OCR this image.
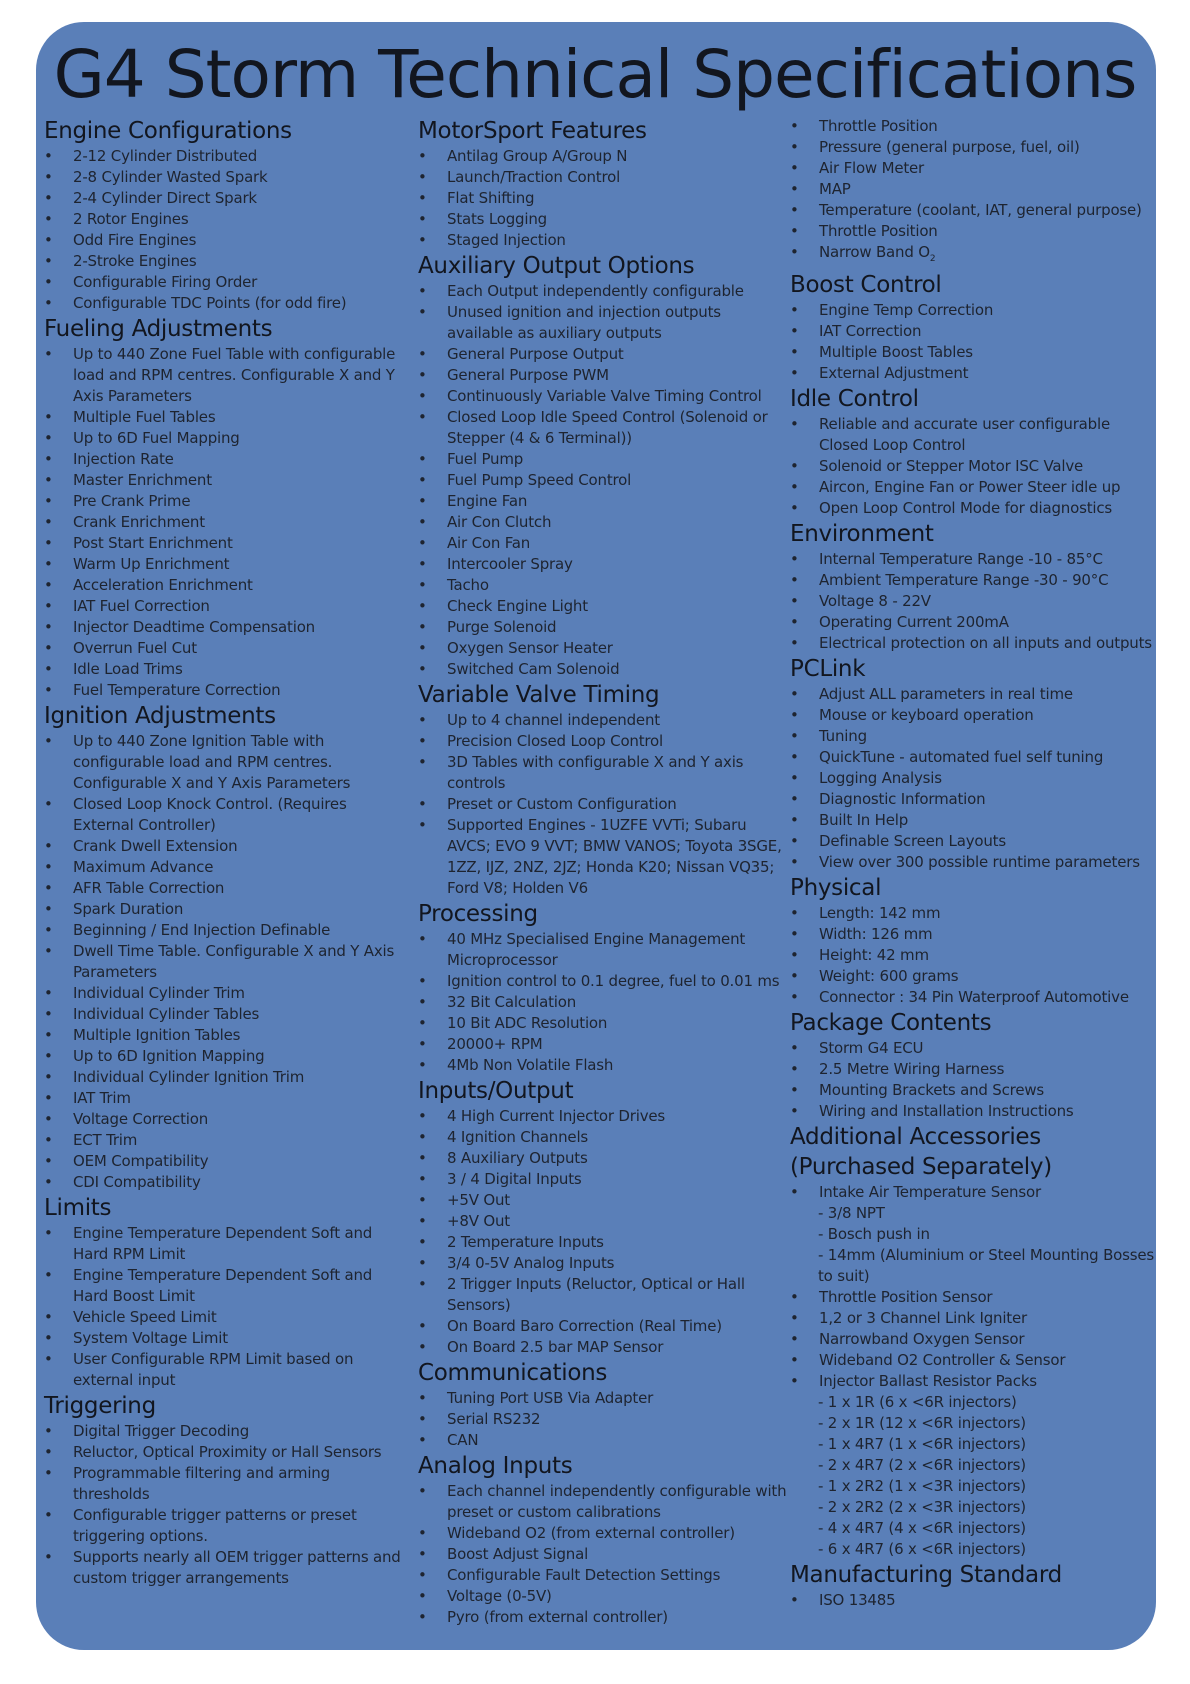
G4 Storm Technical Specifications
Engine Configurations
• 2-12 Cylinder Distributed
• 2-8 Cylinder Wasted Spark
• 2-4 Cylinder Direct Spark
• 2 Rotor Engines
• Odd Fire Engines
• 2-Stroke Engines
• Configurable Firing Order
• Configurable TDC Points (for odd fire)
Fueling Adjustments
• Up to 440 Zone Fuel Table with configurable load and RPM centres. Configurable X and Y Axis Parameters
• Multiple Fuel Tables
• Up to 6D Fuel Mapping
• Injection Rate
• Master Enrichment
• Pre Crank Prime
• Crank Enrichment
• Post Start Enrichment
• Warm Up Enrichment
• Acceleration Enrichment
• IAT Fuel Correction
• Injector Deadtime Compensation
• Overrun Fuel Cut
• Idle Load Trims
• Fuel Temperature Correction
Ignition Adjustments
• Up to 440 Zone Ignition Table with configurable load and RPM centres. Configurable X and Y Axis Parameters
• Closed Loop Knock Control. (Requires External Controller)
• Crank Dwell Extension
• Maximum Advance
• AFR Table Correction
• Spark Duration
• Beginning / End Injection Definable
• Dwell Time Table. Configurable X and Y Axis Parameters
• Individual Cylinder Trim
• Individual Cylinder Tables
• Multiple Ignition Tables
• Up to 6D Ignition Mapping
• Individual Cylinder Ignition Trim
• IAT Trim
• Voltage Correction
• ECT Trim
• OEM Compatibility
• CDI Compatibility
Limits
• Engine Temperature Dependent Soft and Hard RPM Limit
• Engine Temperature Dependent Soft and Hard Boost Limit
• Vehicle Speed Limit
• System Voltage Limit
• User Configurable RPM Limit based on external input
Triggering
• Digital Trigger Decoding
• Reluctor, Optical Proximity or Hall Sensors
• Programmable filtering and arming thresholds
• Configurable trigger patterns or preset triggering options.
• Supports nearly all OEM trigger patterns and custom trigger arrangements
MotorSport Features
• Antilag Group A/Group N
• Launch/Traction Control
• Flat Shifting
• Stats Logging
• Staged Injection
Auxiliary Output Options
• Each Output independently configurable
• Unused ignition and injection outputs available as auxiliary outputs
• General Purpose Output
• General Purpose PWM
• Continuously Variable Valve Timing Control
• Closed Loop Idle Speed Control (Solenoid or Stepper (4 & 6 Terminal))
• Fuel Pump
• Fuel Pump Speed Control
• Engine Fan
• Air Con Clutch
• Air Con Fan
• Intercooler Spray
• Tacho
• Check Engine Light
• Purge Solenoid
• Oxygen Sensor Heater
• Switched Cam Solenoid
Variable Valve Timing
• Up to 4 channel independent
• Precision Closed Loop Control
• 3D Tables with configurable X and Y axis controls
• Preset or Custom Configuration
• Supported Engines - 1UZFE VVTi; Subaru AVCS; EVO 9 VVT; BMW VANOS; Toyota 3SGE, 1ZZ, IJZ, 2NZ, 2JZ; Honda K20; Nissan VQ35; Ford V8; Holden V6
Processing
• 40 MHz Specialised Engine Management Microprocessor
• Ignition control to 0.1 degree, fuel to 0.01 ms
• 32 Bit Calculation
• 10 Bit ADC Resolution
• 20000+ RPM
• 4Mb Non Volatile Flash
Inputs/Output
• 4 High Current Injector Drives
• 4 Ignition Channels
• 8 Auxiliary Outputs
• 3 / 4 Digital Inputs
• +5V Out
• +8V Out
• 2 Temperature Inputs
• 3/4 0-5V Analog Inputs
• 2 Trigger Inputs (Reluctor, Optical or Hall Sensors)
• On Board Baro Correction (Real Time)
• On Board 2.5 bar MAP Sensor
Communications
• Tuning Port USB Via Adapter
• Serial RS232
• CAN
Analog Inputs
• Each channel independently configurable with preset or custom calibrations
• Wideband O2 (from external controller)
• Boost Adjust Signal
• Configurable Fault Detection Settings
• Voltage (0-5V)
• Pyro (from external controller)
• Throttle Position
• Pressure (general purpose, fuel, oil)
• Air Flow Meter
• MAP
• Temperature (coolant, IAT, general purpose)
• Throttle Position
• Narrow Band $O_2$
Boost Control
• Engine Temp Correction
• IAT Correction
• Multiple Boost Tables
• External Adjustment
Idle Control
• Reliable and accurate user configurable Closed Loop Control
• Solenoid or Stepper Motor ISC Valve
• Aircon, Engine Fan or Power Steer idle up
• Open Loop Control Mode for diagnostics
Environment
• Internal Temperature Range -10 - 85°C
• Ambient Temperature Range -30 - 90°C
• Voltage 8 - 22V
• Operating Current 200mA
• Electrical protection on all inputs and outputs
PCLink
• Adjust ALL parameters in real time
• Mouse or keyboard operation
• Tuning
• QuickTune - automated fuel self tuning
• Logging Analysis
• Diagnostic Information
• Built In Help
• Definable Screen Layouts
• View over 300 possible runtime parameters
Physical
• Length: 142 mm
• Width: 126 mm
• Height: 42 mm
• Weight: 600 grams
• Connector : 34 Pin Waterproof Automotive
Package Contents
• Storm G4 ECU
• 2.5 Metre Wiring Harness
• Mounting Brackets and Screws
• Wiring and Installation Instructions
Additional Accessories (Purchased Separately)
• Intake Air Temperature Sensor
- 3/8 NPT
- Bosch push in
- 14mm (Aluminium or Steel Mounting Bosses to suit)
• Throttle Position Sensor
• 1,2 or 3 Channel Link Igniter
• Narrowband Oxygen Sensor
• Wideband O2 Controller & Sensor
• Injector Ballast Resistor Packs
- 1 x 1R (6 x <6R injectors)
- 2 x 1R (12 x <6R injectors)
- 1 x 4R7 (1 x <6R injectors)
- 2 x 4R7 (2 x <6R injectors)
- 1 x 2R2 (1 x <3R injectors)
- 2 x 2R2 (2 x <3R injectors)
- 4 x 4R7 (4 x <6R injectors)
- 6 x 4R7 (6 x <6R injectors)
Manufacturing Standard
• ISO 13485
